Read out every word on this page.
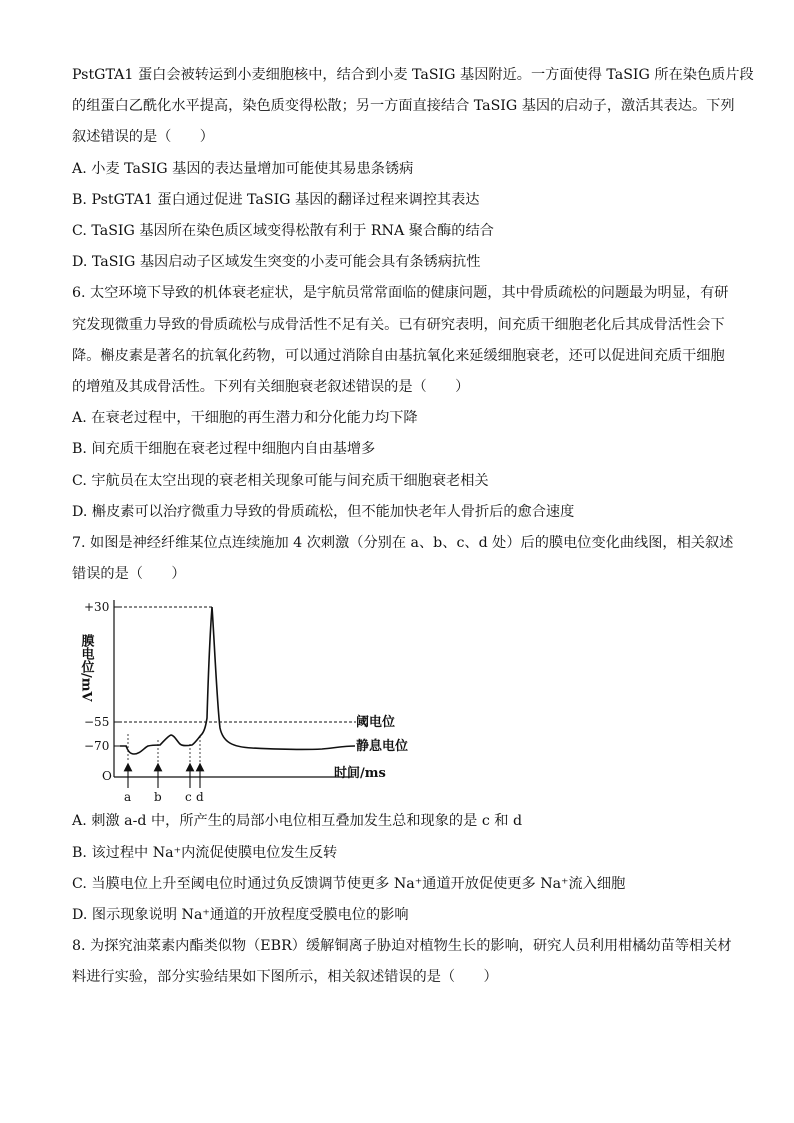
PstGTA1 蛋白会被转运到小麦细胞核中，结合到小麦 TaSIG 基因附近。一方面使得 TaSIG 所在染色质片段

的组蛋白乙酰化水平提高，染色质变得松散；另一方面直接结合 TaSIG 基因的启动子，激活其表达。下列

叙述错误的是（　　）

A. 小麦 TaSIG 基因的表达量增加可能使其易患条锈病

B. PstGTA1 蛋白通过促进 TaSIG 基因的翻译过程来调控其表达

C. TaSIG 基因所在染色质区域变得松散有利于 RNA 聚合酶的结合

D. TaSIG 基因启动子区域发生突变的小麦可能会具有条锈病抗性

6. 太空环境下导致的机体衰老症状，是宇航员常常面临的健康问题，其中骨质疏松的问题最为明显，有研

究发现微重力导致的骨质疏松与成骨活性不足有关。已有研究表明，间充质干细胞老化后其成骨活性会下

降。槲皮素是著名的抗氧化药物，可以通过消除自由基抗氧化来延缓细胞衰老，还可以促进间充质干细胞

的增殖及其成骨活性。下列有关细胞衰老叙述错误的是（　　）

A. 在衰老过程中，干细胞的再生潜力和分化能力均下降

B. 间充质干细胞在衰老过程中细胞内自由基增多

C. 宇航员在太空出现的衰老相关现象可能与间充质干细胞衰老相关

D. 槲皮素可以治疗微重力导致的骨质疏松，但不能加快老年人骨折后的愈合速度

7. 如图是神经纤维某位点连续施加 4 次刺激（分别在 a、b、c、d 处）后的膜电位变化曲线图，相关叙述

错误的是（　　）

+30
−55
−70
O
膜电位/mV
时间/ms
阈电位
静息电位
a b c d

A. 刺激 a-d 中，所产生的局部小电位相互叠加发生总和现象的是 c 和 d

B. 该过程中 Na⁺内流促使膜电位发生反转

C. 当膜电位上升至阈电位时通过负反馈调节使更多 Na⁺通道开放促使更多 Na⁺流入细胞

D. 图示现象说明 Na⁺通道的开放程度受膜电位的影响

8. 为探究油菜素内酯类似物（EBR）缓解铜离子胁迫对植物生长的影响，研究人员利用柑橘幼苗等相关材

料进行实验，部分实验结果如下图所示，相关叙述错误的是（　　）
